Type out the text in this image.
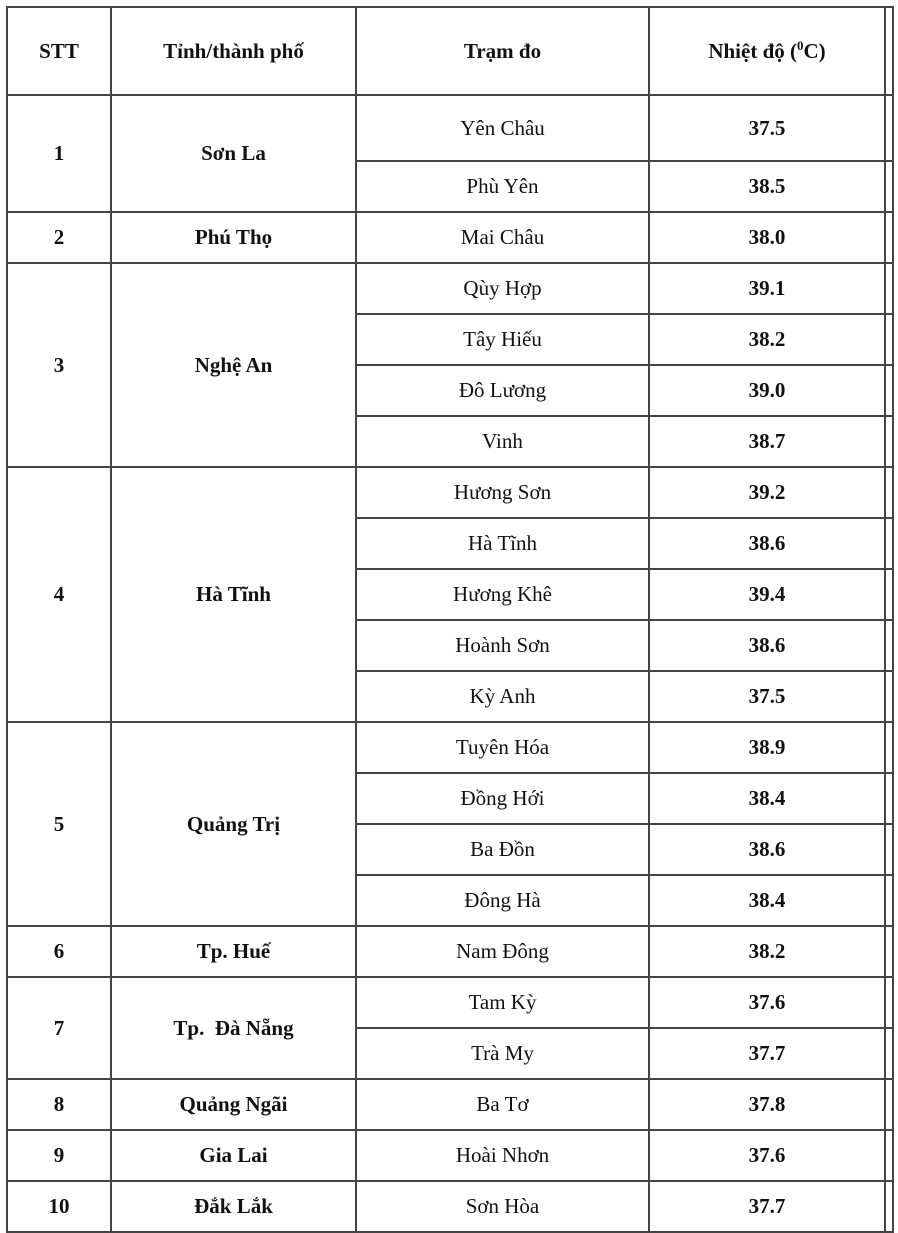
STT	Tỉnh/thành phố	Trạm đo	Nhiệt độ ($^0$C)	
1	Sơn La	Yên Châu	37.5	
		Phù Yên	38.5	
2	Phú Thọ	Mai Châu	38.0	
3	Nghệ An	Qùy Hợp	39.1	
		Tây Hiếu	38.2	
		Đô Lương	39.0	
		Vinh	38.7	
4	Hà Tĩnh	Hương Sơn	39.2	
		Hà Tĩnh	38.6	
		Hương Khê	39.4	
		Hoành Sơn	38.6	
		Kỳ Anh	37.5	
5	Quảng Trị	Tuyên Hóa	38.9	
		Đồng Hới	38.4	
		Ba Đồn	38.6	
		Đông Hà	38.4	
6	Tp. Huế	Nam Đông	38.2	
7	Tp.  Đà Nẵng	Tam Kỳ	37.6	
		Trà My	37.7	
8	Quảng Ngãi	Ba Tơ	37.8	
9	Gia Lai	Hoài Nhơn	37.6	
10	Đắk Lắk	Sơn Hòa	37.7	
